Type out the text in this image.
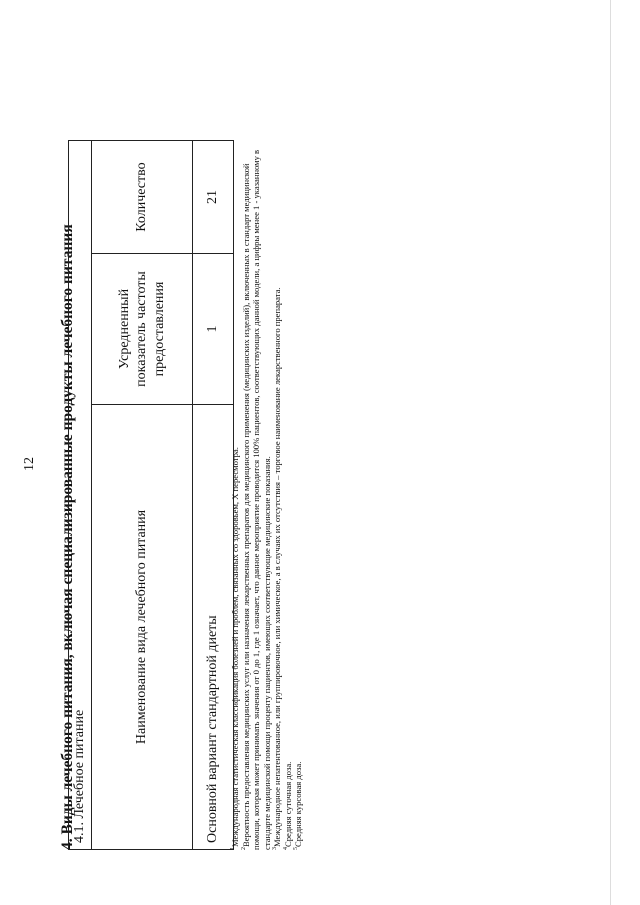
12 4. Виды лечебного питания, включая специализированные продукты лечебного питания
4.1. Лечебное питание		
Наименование вида лечебного питания	Усредненный показатель частоты предоставления	Количество
Основной вариант стандартной диеты	1	21

$^1$Международная статистическая классификация болезней и проблем, связанных со здоровьем, X пересмотра.

$^2$Вероятность предоставления медицинских услуг или назначения лекарственных препаратов для медицинского применения (медицинских изделий), включенных в стандарт медицинской помощи, которая может принимать значения от 0 до 1, где 1 означает, что данное мероприятие проводится 100% пациентов, соответствующих данной модели, а цифры менее 1 - указанному в стандарте медицинской помощи проценту пациентов, имеющих соответствующие медицинские показания. $^3$Международное непатентованное, или группировочное, или химическое, а в случаях их отсутствия – торговое наименование лекарственного препарата.

$^4$Средняя суточная доза.

$^5$Средняя курсовая доза.
